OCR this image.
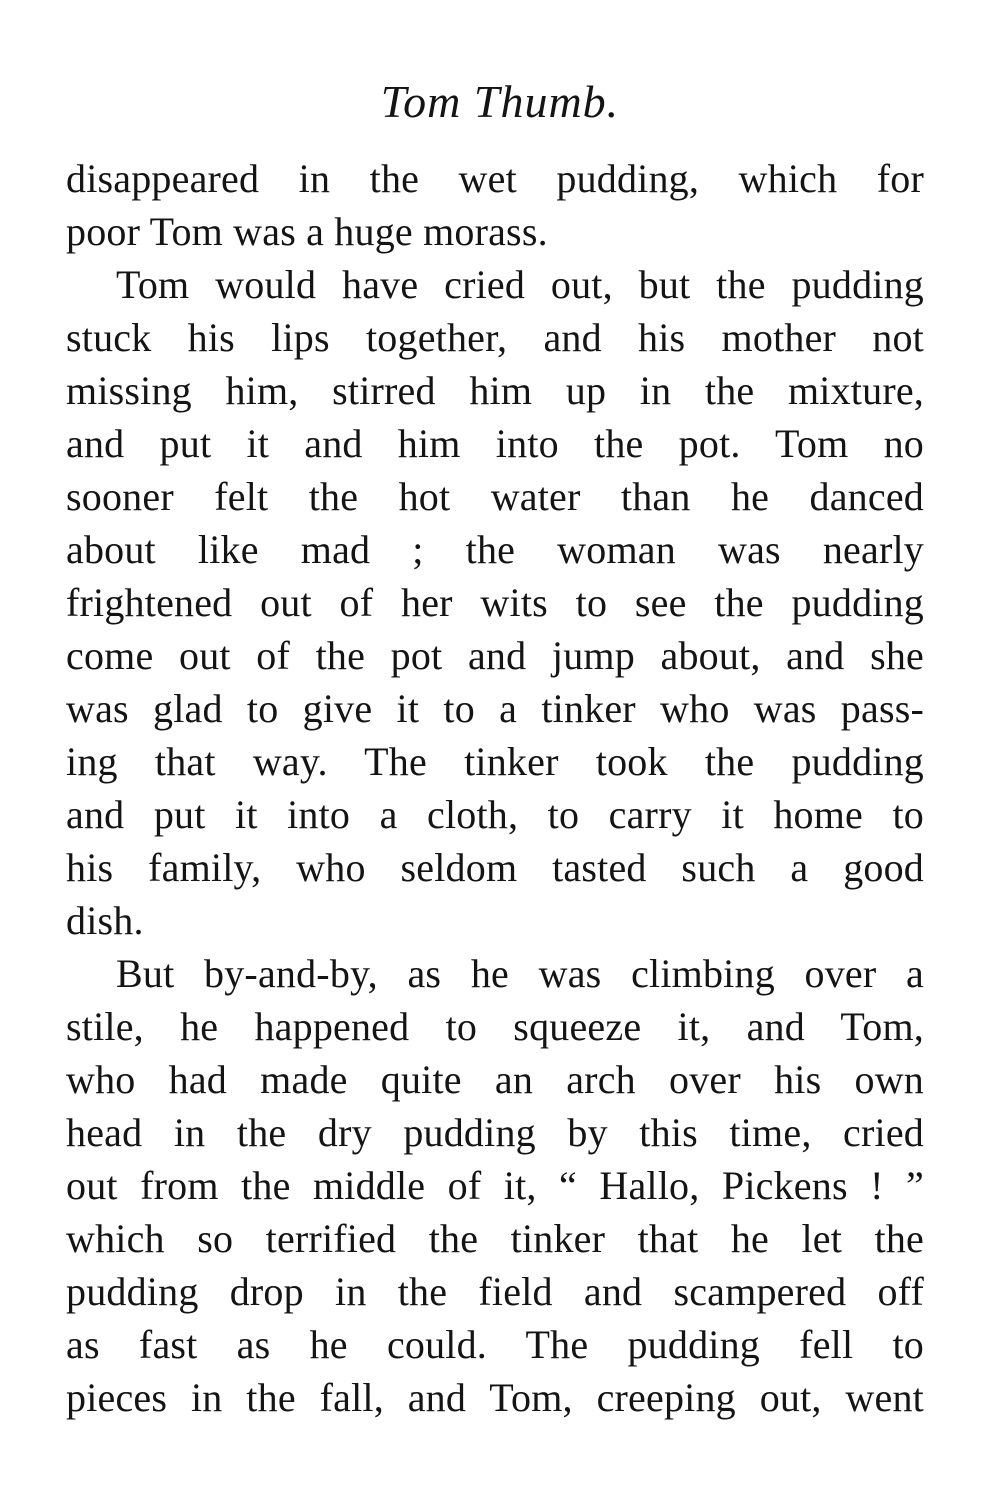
Tom Thumb.
disappeared in the wet pudding, which for
poor Tom was a huge morass.
Tom would have cried out, but the pudding
stuck his lips together, and his mother not
missing him, stirred him up in the mixture,
and put it and him into the pot. Tom no
sooner felt the hot water than he danced
about like mad ; the woman was nearly
frightened out of her wits to see the pudding
come out of the pot and jump about, and she
was glad to give it to a tinker who was pass-
ing that way. The tinker took the pudding
and put it into a cloth, to carry it home to
his family, who seldom tasted such a good
dish.
But by-and-by, as he was climbing over a
stile, he happened to squeeze it, and Tom,
who had made quite an arch over his own
head in the dry pudding by this time, cried
out from the middle of it, “ Hallo, Pickens ! ”
which so terrified the tinker that he let the
pudding drop in the field and scampered off
as fast as he could. The pudding fell to
pieces in the fall, and Tom, creeping out, went
